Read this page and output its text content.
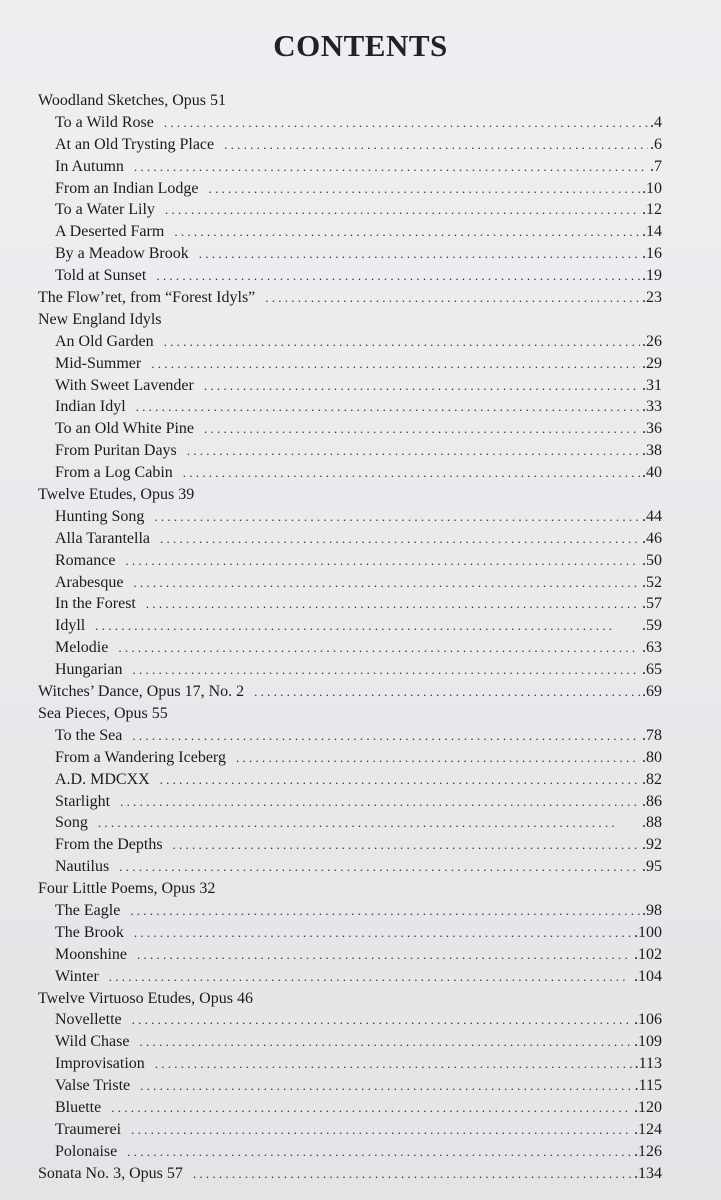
CONTENTS
Woodland Sketches, Opus 51
To a Wild Rose . . .	.4
At an Old Trysting Place . . .	.6
In Autumn . . .	.7
From an Indian Lodge . . .	.10
To a Water Lily . . .	.12
A Deserted Farm . . .	.14
By a Meadow Brook . . .	.16
Told at Sunset . . .	.19
The Flow’ret, from “Forest Idyls” . . .	.23
New England Idyls
An Old Garden . . .	.26
Mid-Summer . . .	.29
With Sweet Lavender . . .	.31
Indian Idyl . . .	.33
To an Old White Pine . . .	.36
From Puritan Days . . .	.38
From a Log Cabin . . .	.40
Twelve Etudes, Opus 39
Hunting Song . . .	.44
Alla Tarantella . . .	.46
Romance . . .	.50
Arabesque . . .	.52
In the Forest . . .	.57
Idyll . . .	.59
Melodie . . .	.63
Hungarian . . .	.65
Witches’ Dance, Opus 17, No. 2 . . .	.69
Sea Pieces, Opus 55
To the Sea . . .	.78
From a Wandering Iceberg . . .	.80
A.D. MDCXX . . .	.82
Starlight . . .	.86
Song . . .	.88
From the Depths . . .	.92
Nautilus . . .	.95
Four Little Poems, Opus 32
The Eagle . . .	.98
The Brook . . .	.100
Moonshine . . .	.102
Winter . . .	.104
Twelve Virtuoso Etudes, Opus 46
Novellette . . .	.106
Wild Chase . . .	.109
Improvisation . . .	.113
Valse Triste . . .	.115
Bluette . . .	.120
Traumerei . . .	.124
Polonaise . . .	.126
Sonata No. 3, Opus 57 . . .	.134
